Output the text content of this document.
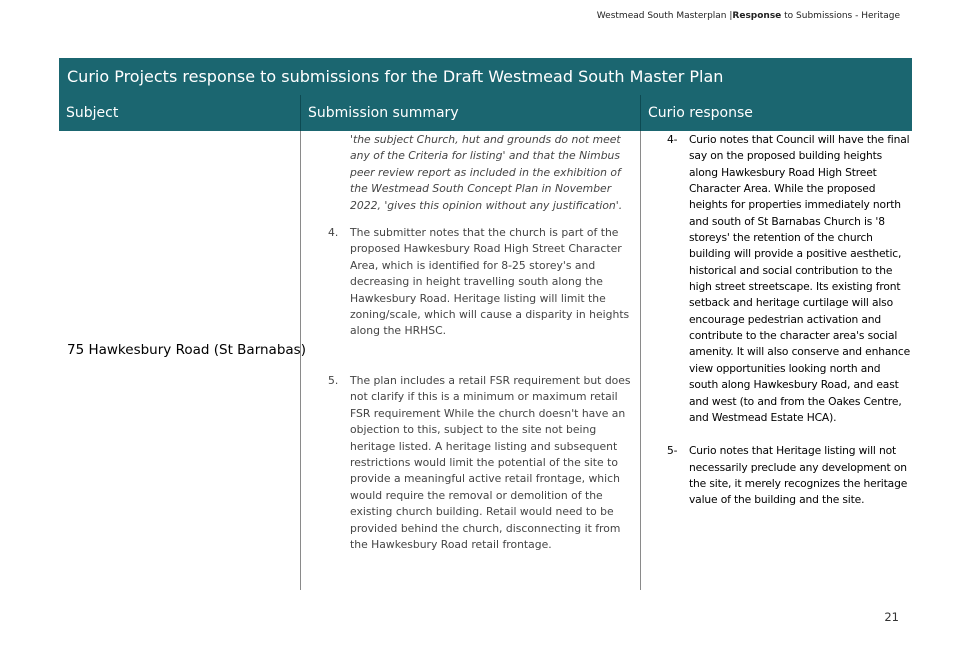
Westmead South Masterplan |Response to Submissions - Heritage
Curio Projects response to submissions for the Draft Westmead South Master Plan
Subject	Submission summary	Curio response
75 Hawkesbury Road (St Barnabas)

'the subject Church, hut and grounds do not meet any of the Criteria for listing' and that the Nimbus peer review report as included in the exhibition of the Westmead South Concept Plan in November 2022, 'gives this opinion without any justification'.

4. The submitter notes that the church is part of the proposed Hawkesbury Road High Street Character Area, which is identified for 8-25 storey's and decreasing in height travelling south along the Hawkesbury Road. Heritage listing will limit the zoning/scale, which will cause a disparity in heights along the HRHSC.

5. The plan includes a retail FSR requirement but does not clarify if this is a minimum or maximum retail FSR requirement While the church doesn't have an objection to this, subject to the site not being heritage listed. A heritage listing and subsequent restrictions would limit the potential of the site to provide a meaningful active retail frontage, which would require the removal or demolition of the existing church building. Retail would need to be provided behind the church, disconnecting it from the Hawkesbury Road retail frontage.

4- Curio notes that Council will have the final say on the proposed building heights along Hawkesbury Road High Street Character Area. While the proposed heights for properties immediately north and south of St Barnabas Church is '8 storeys' the retention of the church building will provide a positive aesthetic, historical and social contribution to the high street streetscape. Its existing front setback and heritage curtilage will also encourage pedestrian activation and contribute to the character area's social amenity. It will also conserve and enhance view opportunities looking north and south along Hawkesbury Road, and east and west (to and from the Oakes Centre, and Westmead Estate HCA).

5- Curio notes that Heritage listing will not necessarily preclude any development on the site, it merely recognizes the heritage value of the building and the site.

21
